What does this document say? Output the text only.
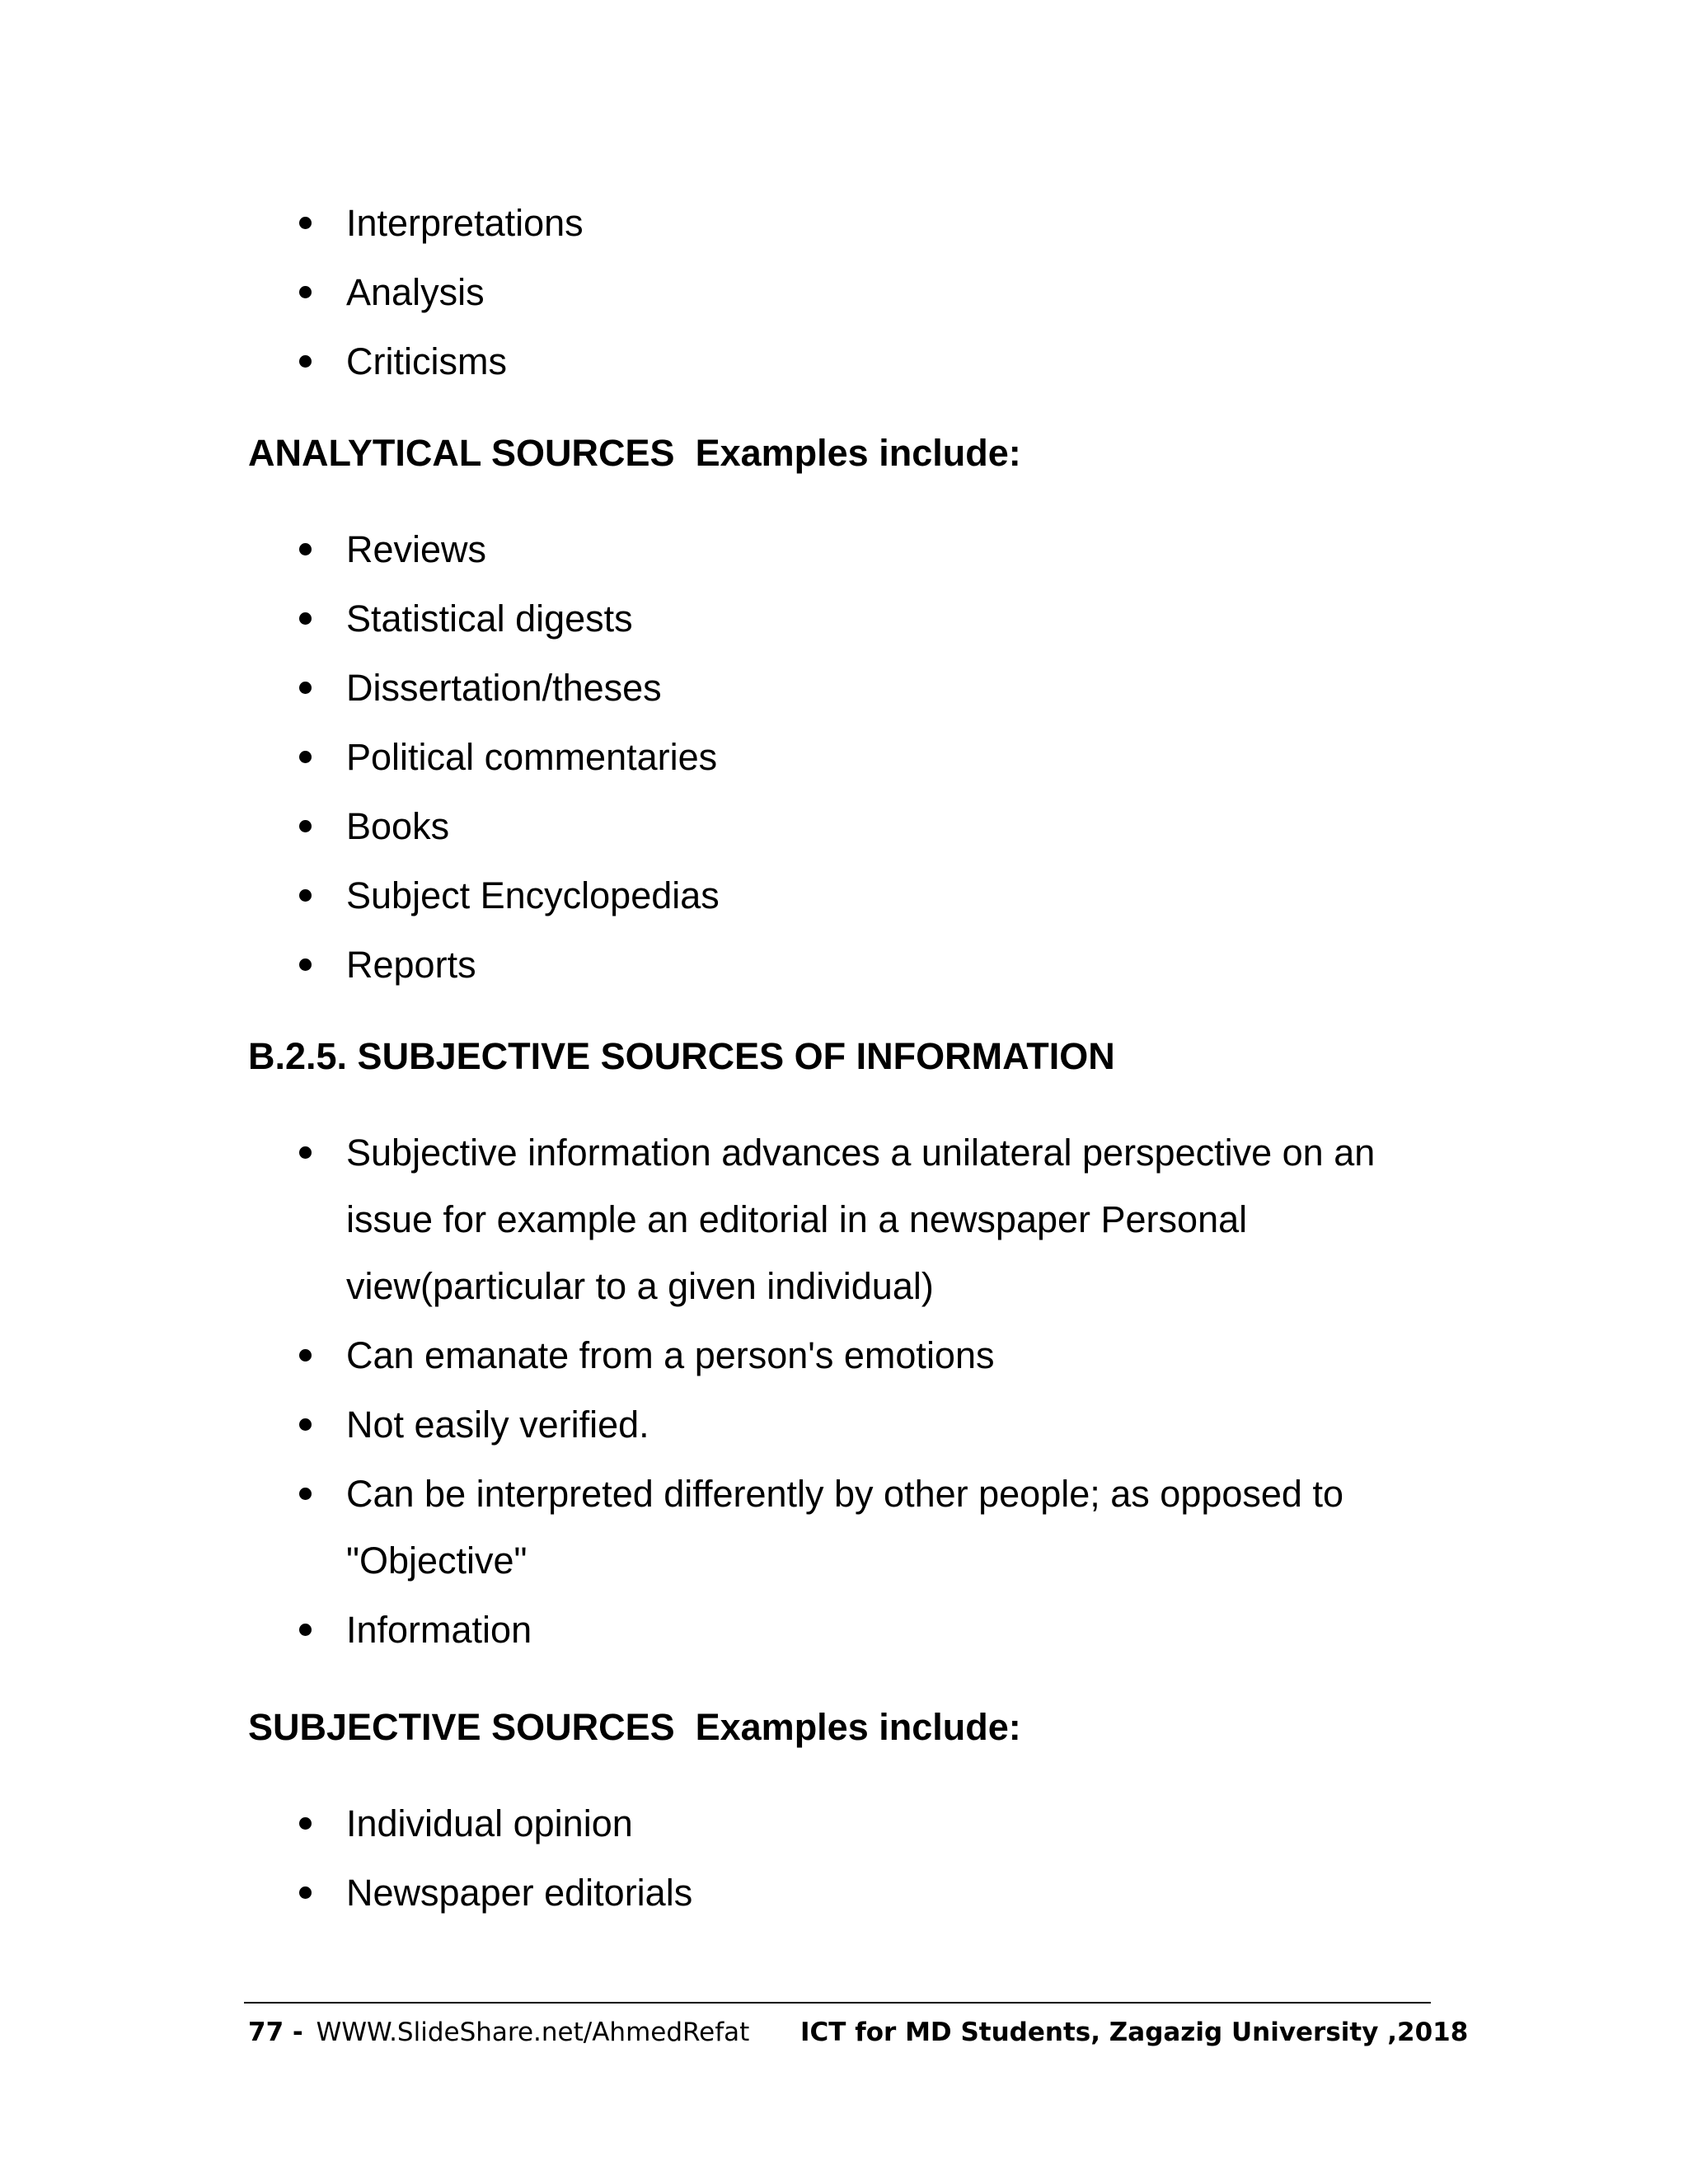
Interpretations
Analysis
Criticisms
ANALYTICAL SOURCES  Examples include:
Reviews
Statistical digests
Dissertation/theses
Political commentaries
Books
Subject Encyclopedias
Reports
B.2.5. SUBJECTIVE SOURCES OF INFORMATION
Subjective information advances a unilateral perspective on an issue for example an editorial in a newspaper Personal view(particular to a given individual)
Can emanate from a person's emotions
Not easily verified.
Can be interpreted differently by other people; as opposed to "Objective"
Information
SUBJECTIVE SOURCES  Examples include:
Individual opinion
Newspaper editorials
77 - WWW.SlideShare.net/AhmedRefat ICT for MD Students, Zagazig University ,2018
